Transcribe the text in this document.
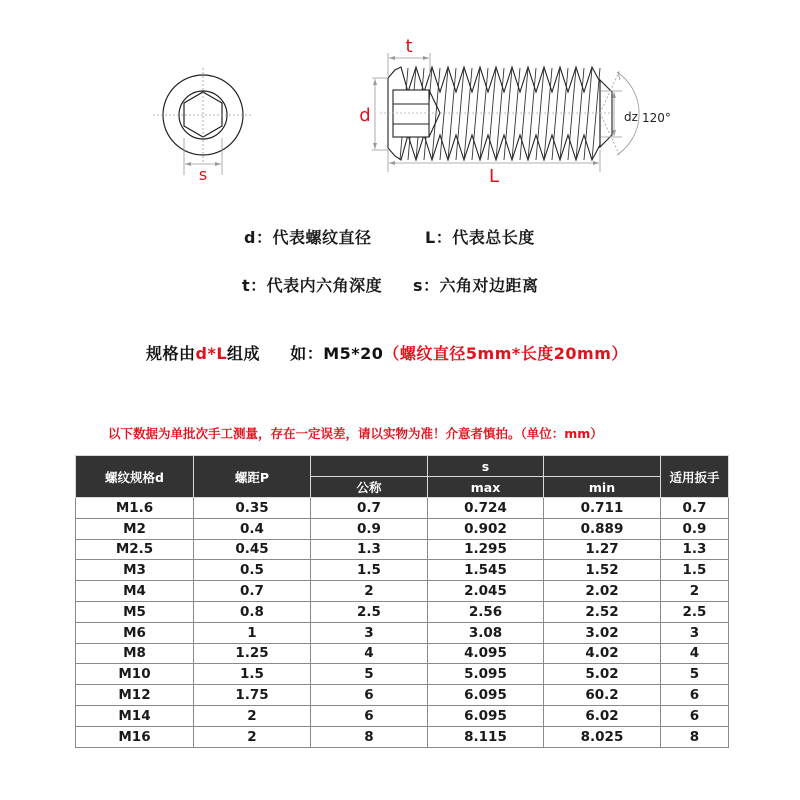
s
t
d
L
dz 120°
d：代表螺纹直径	L：代表总长度
t：代表内六角深度 s：六角对边距离
规格由d*L组成 如：M5*20（螺纹直径5mm*长度20mm）
以下数据为单批次手工测量，存在一定误差，请以实物为准！介意者慎拍。（单位：mm）
螺纹规格d	螺距P		s		适用扳手
		公称	max	min	
M1.6	0.35	0.7	0.724	0.711	0.7
M2	0.4	0.9	0.902	0.889	0.9
M2.5	0.45	1.3	1.295	1.27	1.3
M3	0.5	1.5	1.545	1.52	1.5
M4	0.7	2	2.045	2.02	2
M5	0.8	2.5	2.56	2.52	2.5
M6	1	3	3.08	3.02	3
M8	1.25	4	4.095	4.02	4
M10	1.5	5	5.095	5.02	5
M12	1.75	6	6.095	60.2	6
M14	2	6	6.095	6.02	6
M16	2	8	8.115	8.025	8
